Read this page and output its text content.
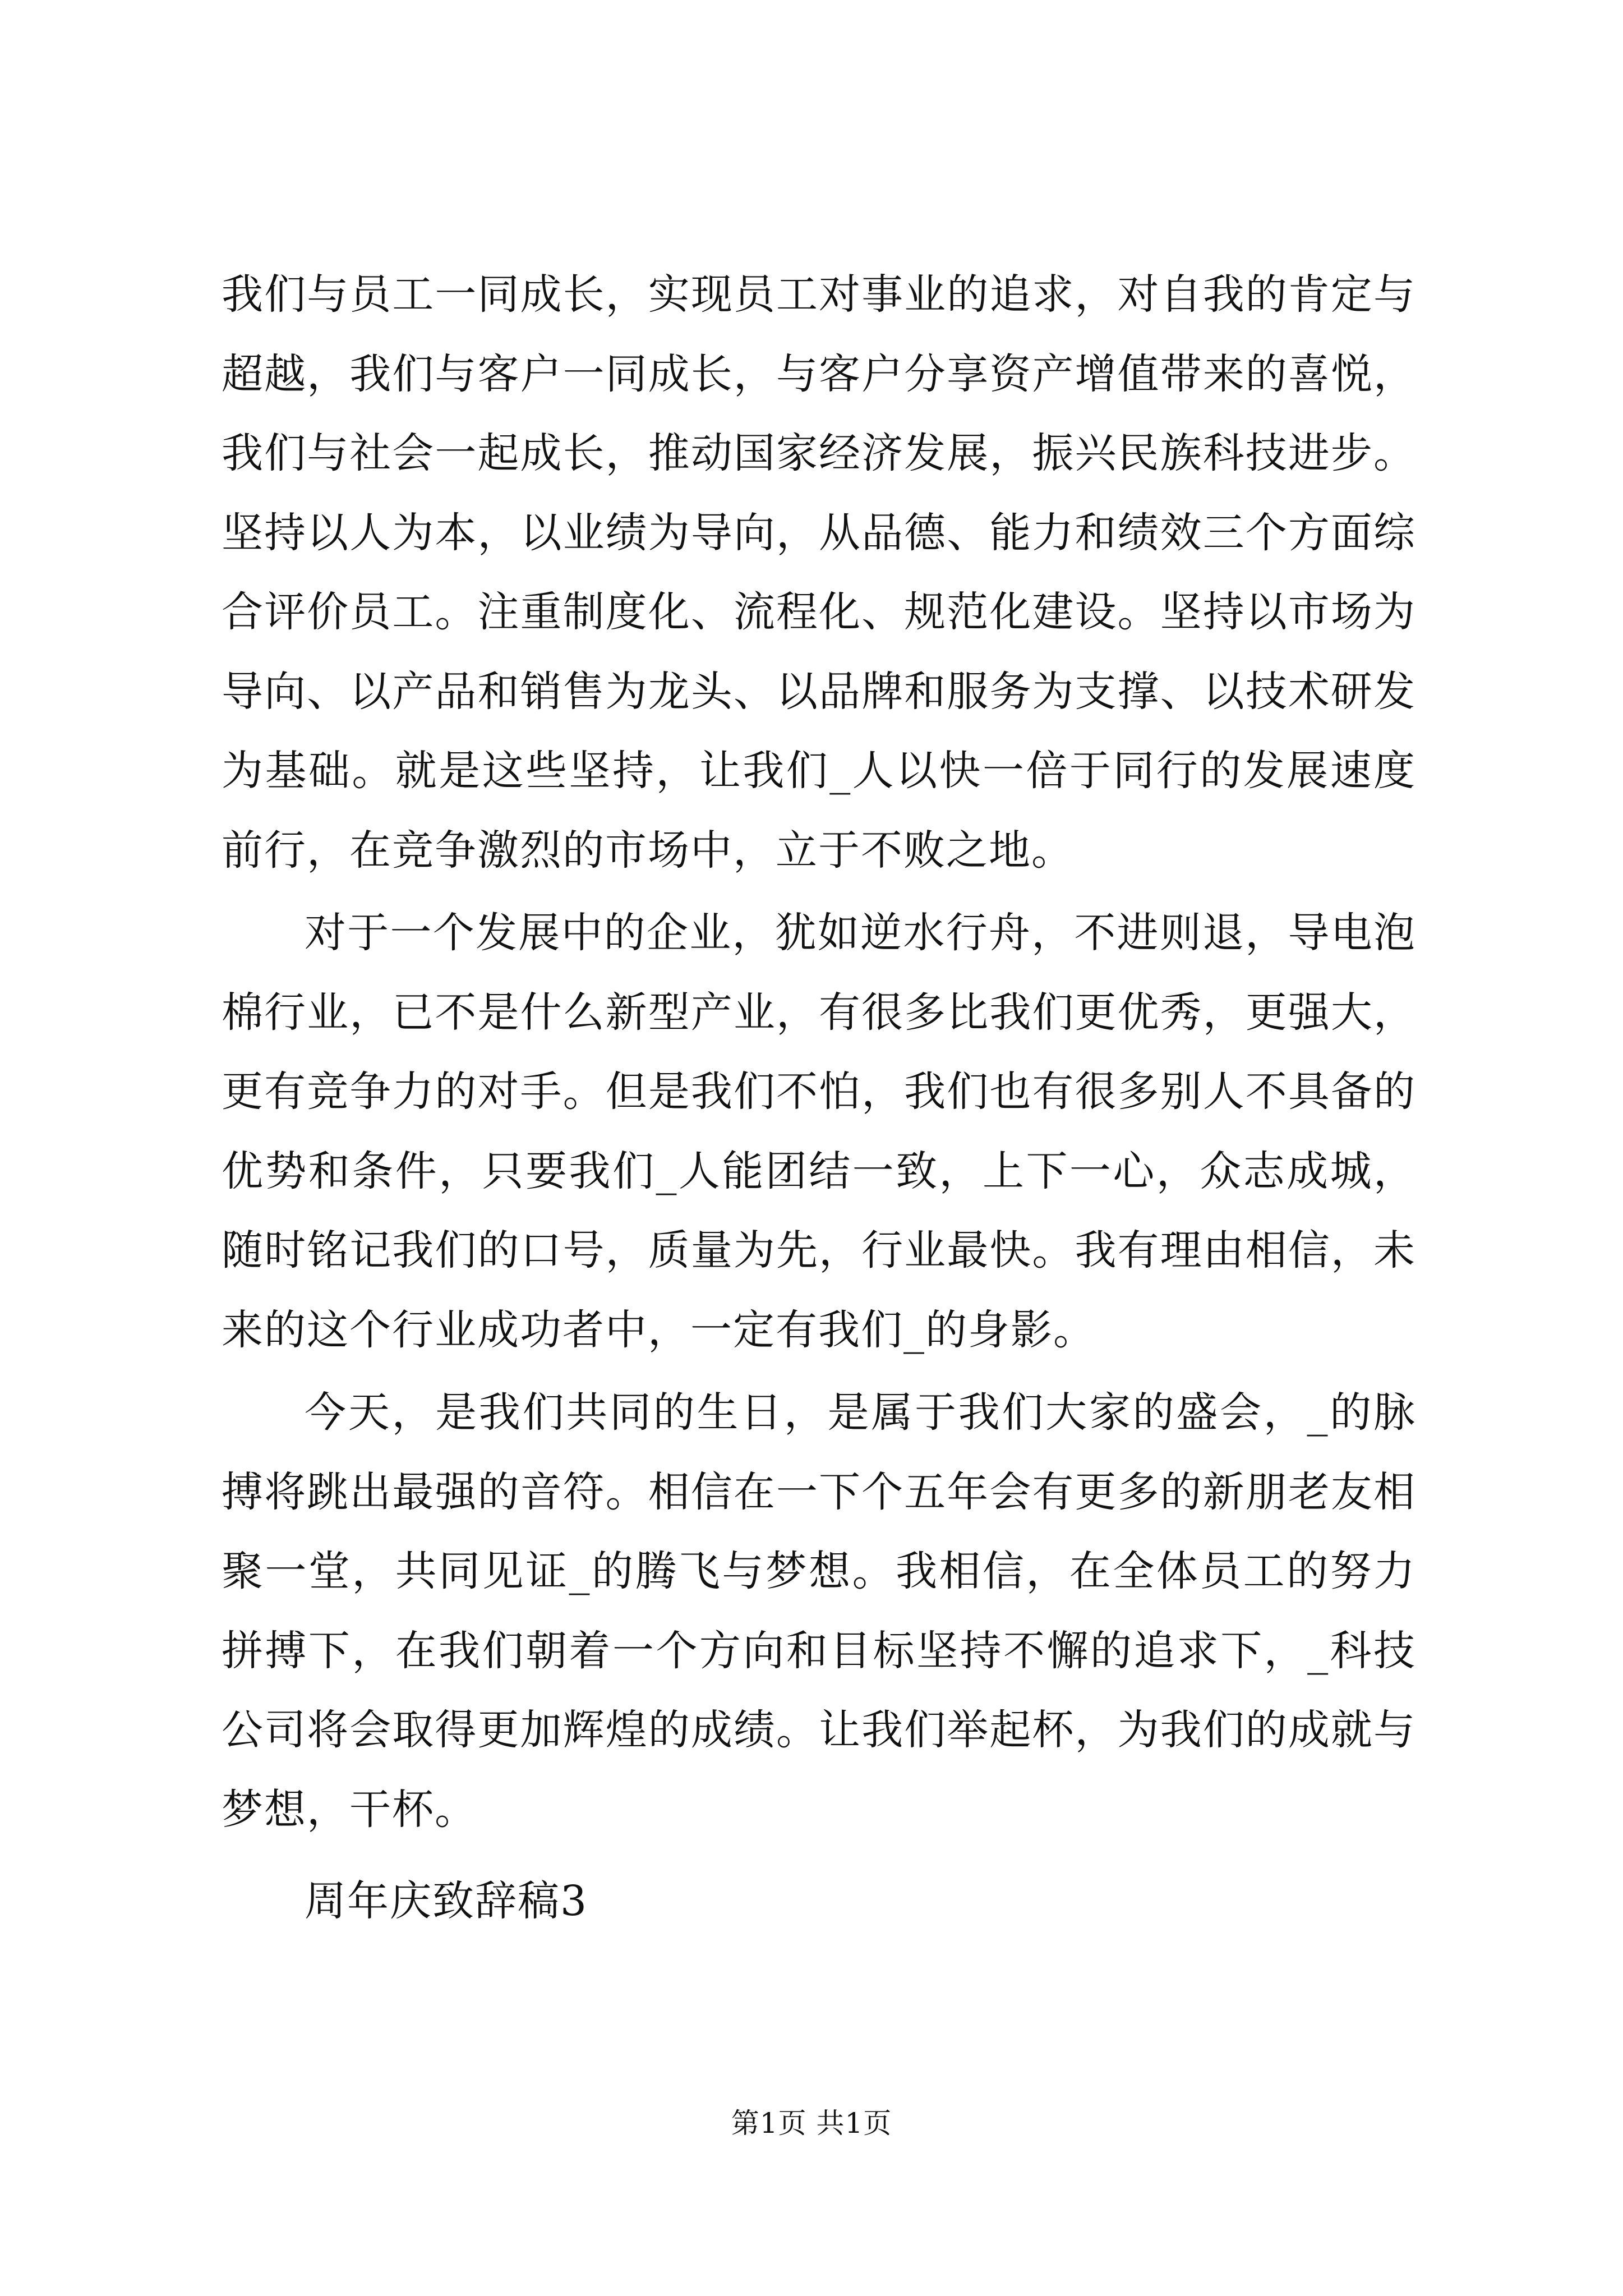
我们与员工一同成长，实现员工对事业的追求，对自我的肯定与超越，我们与客户一同成长，与客户分享资产增值带来的喜悦，我们与社会一起成长，推动国家经济发展，振兴民族科技进步。坚持以人为本，以业绩为导向，从品德、能力和绩效三个方面综合评价员工。注重制度化、流程化、规范化建设。坚持以市场为导向、以产品和销售为龙头、以品牌和服务为支撑、以技术研发为基础。就是这些坚持，让我们_人以快一倍于同行的发展速度前行，在竞争激烈的市场中，立于不败之地。

对于一个发展中的企业，犹如逆水行舟，不进则退，导电泡棉行业，已不是什么新型产业，有很多比我们更优秀，更强大，更有竞争力的对手。但是我们不怕，我们也有很多别人不具备的优势和条件，只要我们_人能团结一致，上下一心，众志成城，随时铭记我们的口号，质量为先，行业最快。我有理由相信，未来的这个行业成功者中，一定有我们_的身影。

今天，是我们共同的生日，是属于我们大家的盛会，_的脉搏将跳出最强的音符。相信在一下个五年会有更多的新朋老友相聚一堂，共同见证_的腾飞与梦想。我相信，在全体员工的努力拼搏下，在我们朝着一个方向和目标坚持不懈的追求下，_科技公司将会取得更加辉煌的成绩。让我们举起杯，为我们的成就与梦想，干杯。

周年庆致辞稿3

第1页 共1页
